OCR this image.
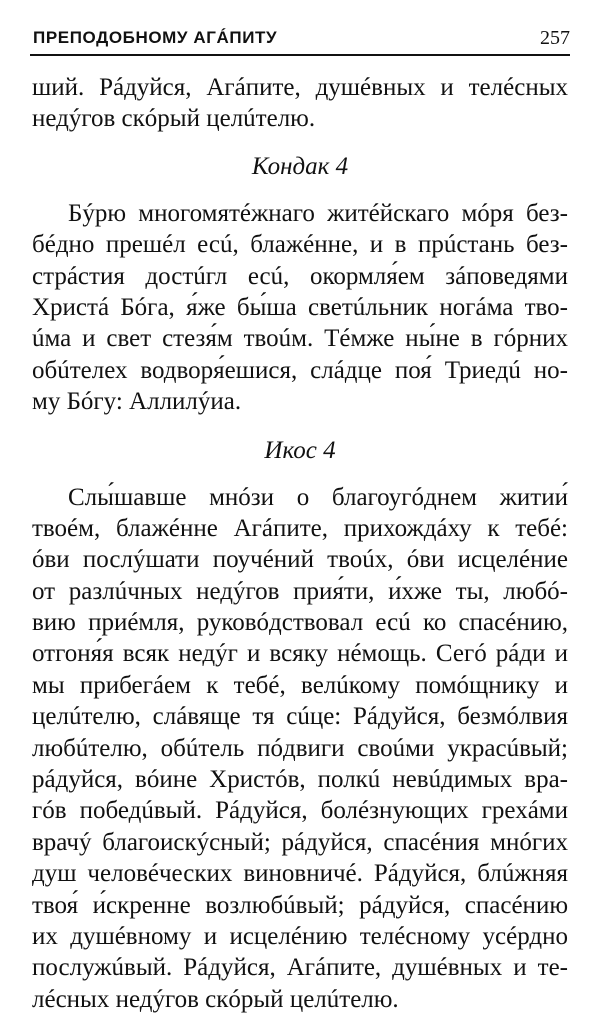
ПРЕПОДОБНОМУ АГÁПИТУ	257
ший. Рáдуйся, Агáпите, душéвных и телéсных
недýгов скóрый целúтелю.
Кондак 4
Бýрю многомятéжнаго житéйскаго мóря без-
бéдно прешéл есú, блажéнне, и в прúстань без-
стрáстия достúгл есú, окормля́ем зáповедями
Христá Бóга, я́же бы́ша светúльник ногáма тво-
úма и свет стезя́м твоúм. Тéмже ны́не в гóрних
обúтелех водворя́ешися, слáдце поя́ Триедú но-
му Бóгу: Аллилýиа.
Икос 4
Слы́шавше мнóзи о благоугóднем житии́
твоéм, блажéнне Агáпите, прихождáху к тебé:
óви послýшати поучéний твоúх, óви исцелéние
от разлúчных недýгов прия́ти, и́хже ты, любó-
вию приéмля, руковóдствовал есú ко спасéнию,
отгоня́я всяк недýг и всяку нéмощь. Сегó рáди и
мы прибегáем к тебé, велúкому помóщнику и
целúтелю, слáвяще тя сúце: Рáдуйся, безмóлвия
любúтелю, обúтель пóдвиги своúми украсúвый;
рáдуйся, вóине Христóв, полкú невúдимых вра-
гóв победúвый. Рáдуйся, болéзнующих грехáми
врачý благоискýсный; рáдуйся, спасéния мнóгих
душ человéческих виновничé. Рáдуйся, блúжняя
твоя́ и́скренне возлюбúвый; рáдуйся, спасéнию
их душéвному и исцелéнию телéсному усéрдно
послужúвый. Рáдуйся, Агáпите, душéвных и те-
лéсных недýгов скóрый целúтелю.
